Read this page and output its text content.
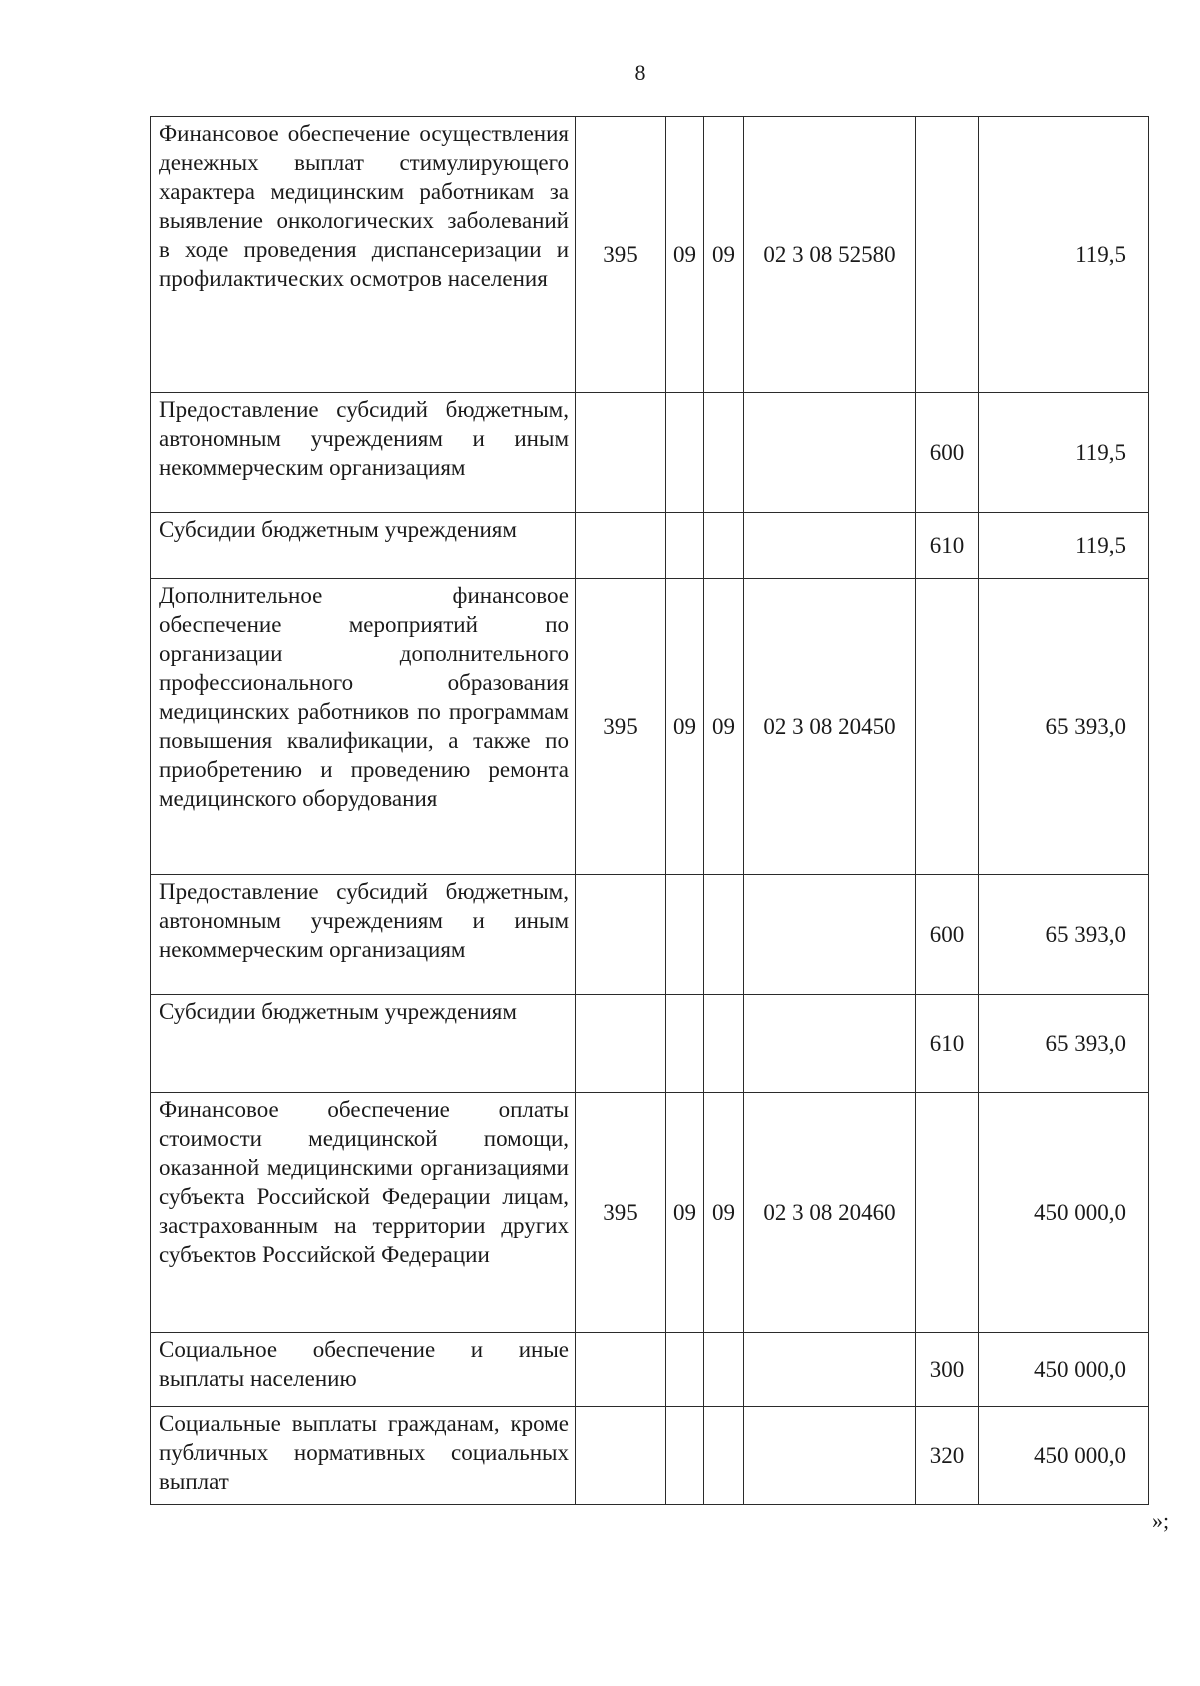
8
Финансовое обеспечение осуществления денежных выплат стимулирующего характера медицинским работникам за выявление онкологических заболеваний в ходе проведения диспансеризации и профилактических осмотров населения	395	09	09	02 3 08 52580		119,5
Предоставление субсидий бюджетным, автономным учреждениям и иным некоммерческим организациям					600	119,5
Субсидии бюджетным учреждениям					610	119,5
Дополнительное финансовое обеспечение мероприятий по организации дополнительного профессионального образования медицинских работников по программам повышения квалификации, а также по приобретению и проведению ремонта медицинского оборудования	395	09	09	02 3 08 20450		65 393,0
Предоставление субсидий бюджетным, автономным учреждениям и иным некоммерческим организациям					600	65 393,0
Субсидии бюджетным учреждениям					610	65 393,0
Финансовое обеспечение оплаты стоимости медицинской помощи, оказанной медицинскими организациями субъекта Российской Федерации лицам, застрахованным на территории других субъектов Российской Федерации	395	09	09	02 3 08 20460		450 000,0
Социальное обеспечение и иные выплаты населению					300	450 000,0
Социальные выплаты гражданам, кроме публичных нормативных социальных выплат					320	450 000,0
»;
